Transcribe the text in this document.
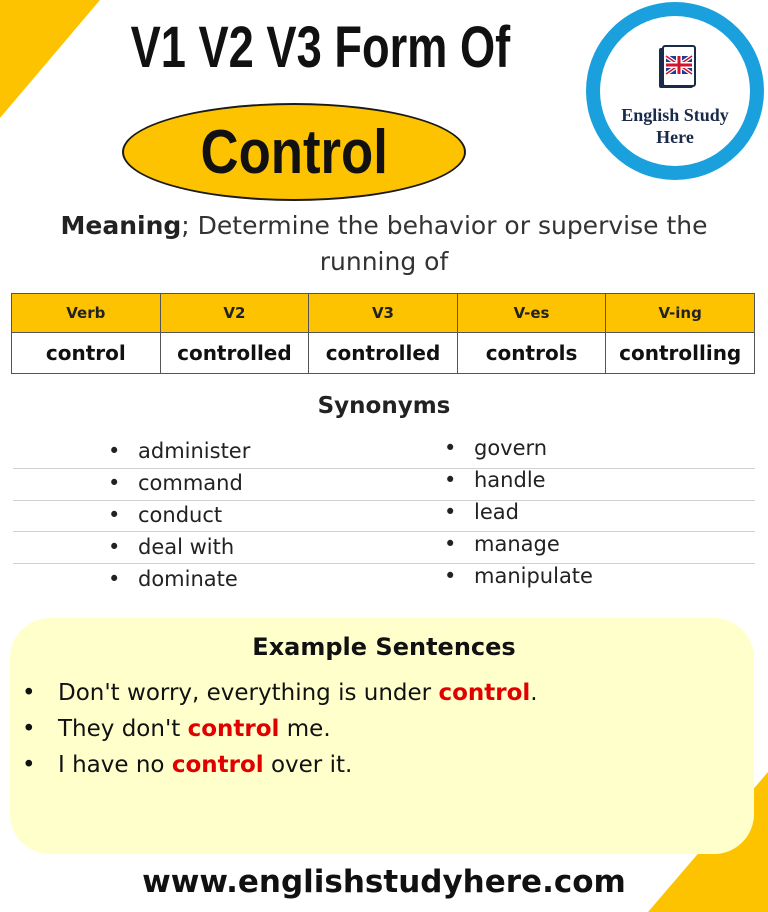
V1 V2 V3 Form Of
Control
English Study
Here
Meaning; Determine the behavior or supervise the running of
Verb	V2	V3	V-es	V-ing
control	controlled	controlled	controls	controlling
Synonyms
• administer
• command
• conduct
• deal with
• dominate
• govern
• handle
• lead
• manage
• manipulate
Example Sentences
• Don't worry, everything is under control.
• They don't control me.
• I have no control over it.
www.englishstudyhere.com
